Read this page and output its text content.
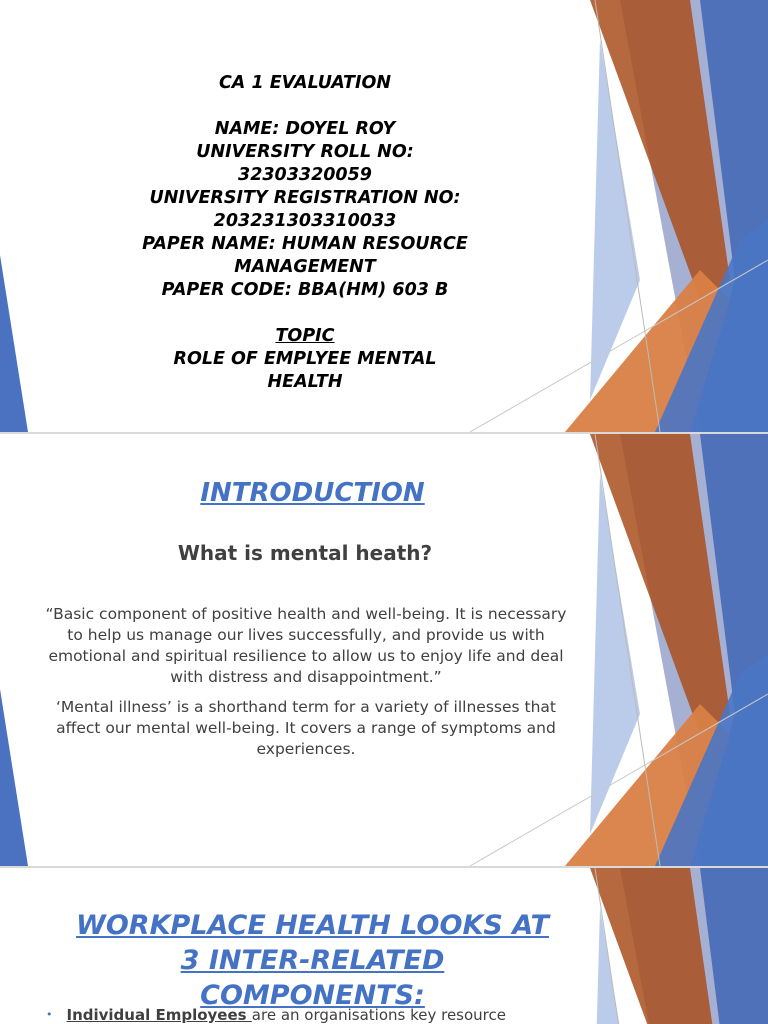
CA 1 EVALUATION
NAME: DOYEL ROY
UNIVERSITY ROLL NO:
32303320059
UNIVERSITY REGISTRATION NO:
203231303310033
PAPER NAME: HUMAN RESOURCE
MANAGEMENT
PAPER CODE: BBA(HM) 603 B
TOPIC
ROLE OF EMPLYEE MENTAL
HEALTH
INTRODUCTION
What is mental heath?
“Basic component of positive health and well-being. It is necessary to help us manage our lives successfully, and provide us with emotional and spiritual resilience to allow us to enjoy life and deal with distress and disappointment.”
‘Mental illness’ is a shorthand term for a variety of illnesses that affect our mental well-being. It covers a range of symptoms and experiences.
WORKPLACE HEALTH LOOKS AT
3 INTER-RELATED
COMPONENTS:
• Individual Employees are an organisations key resource
